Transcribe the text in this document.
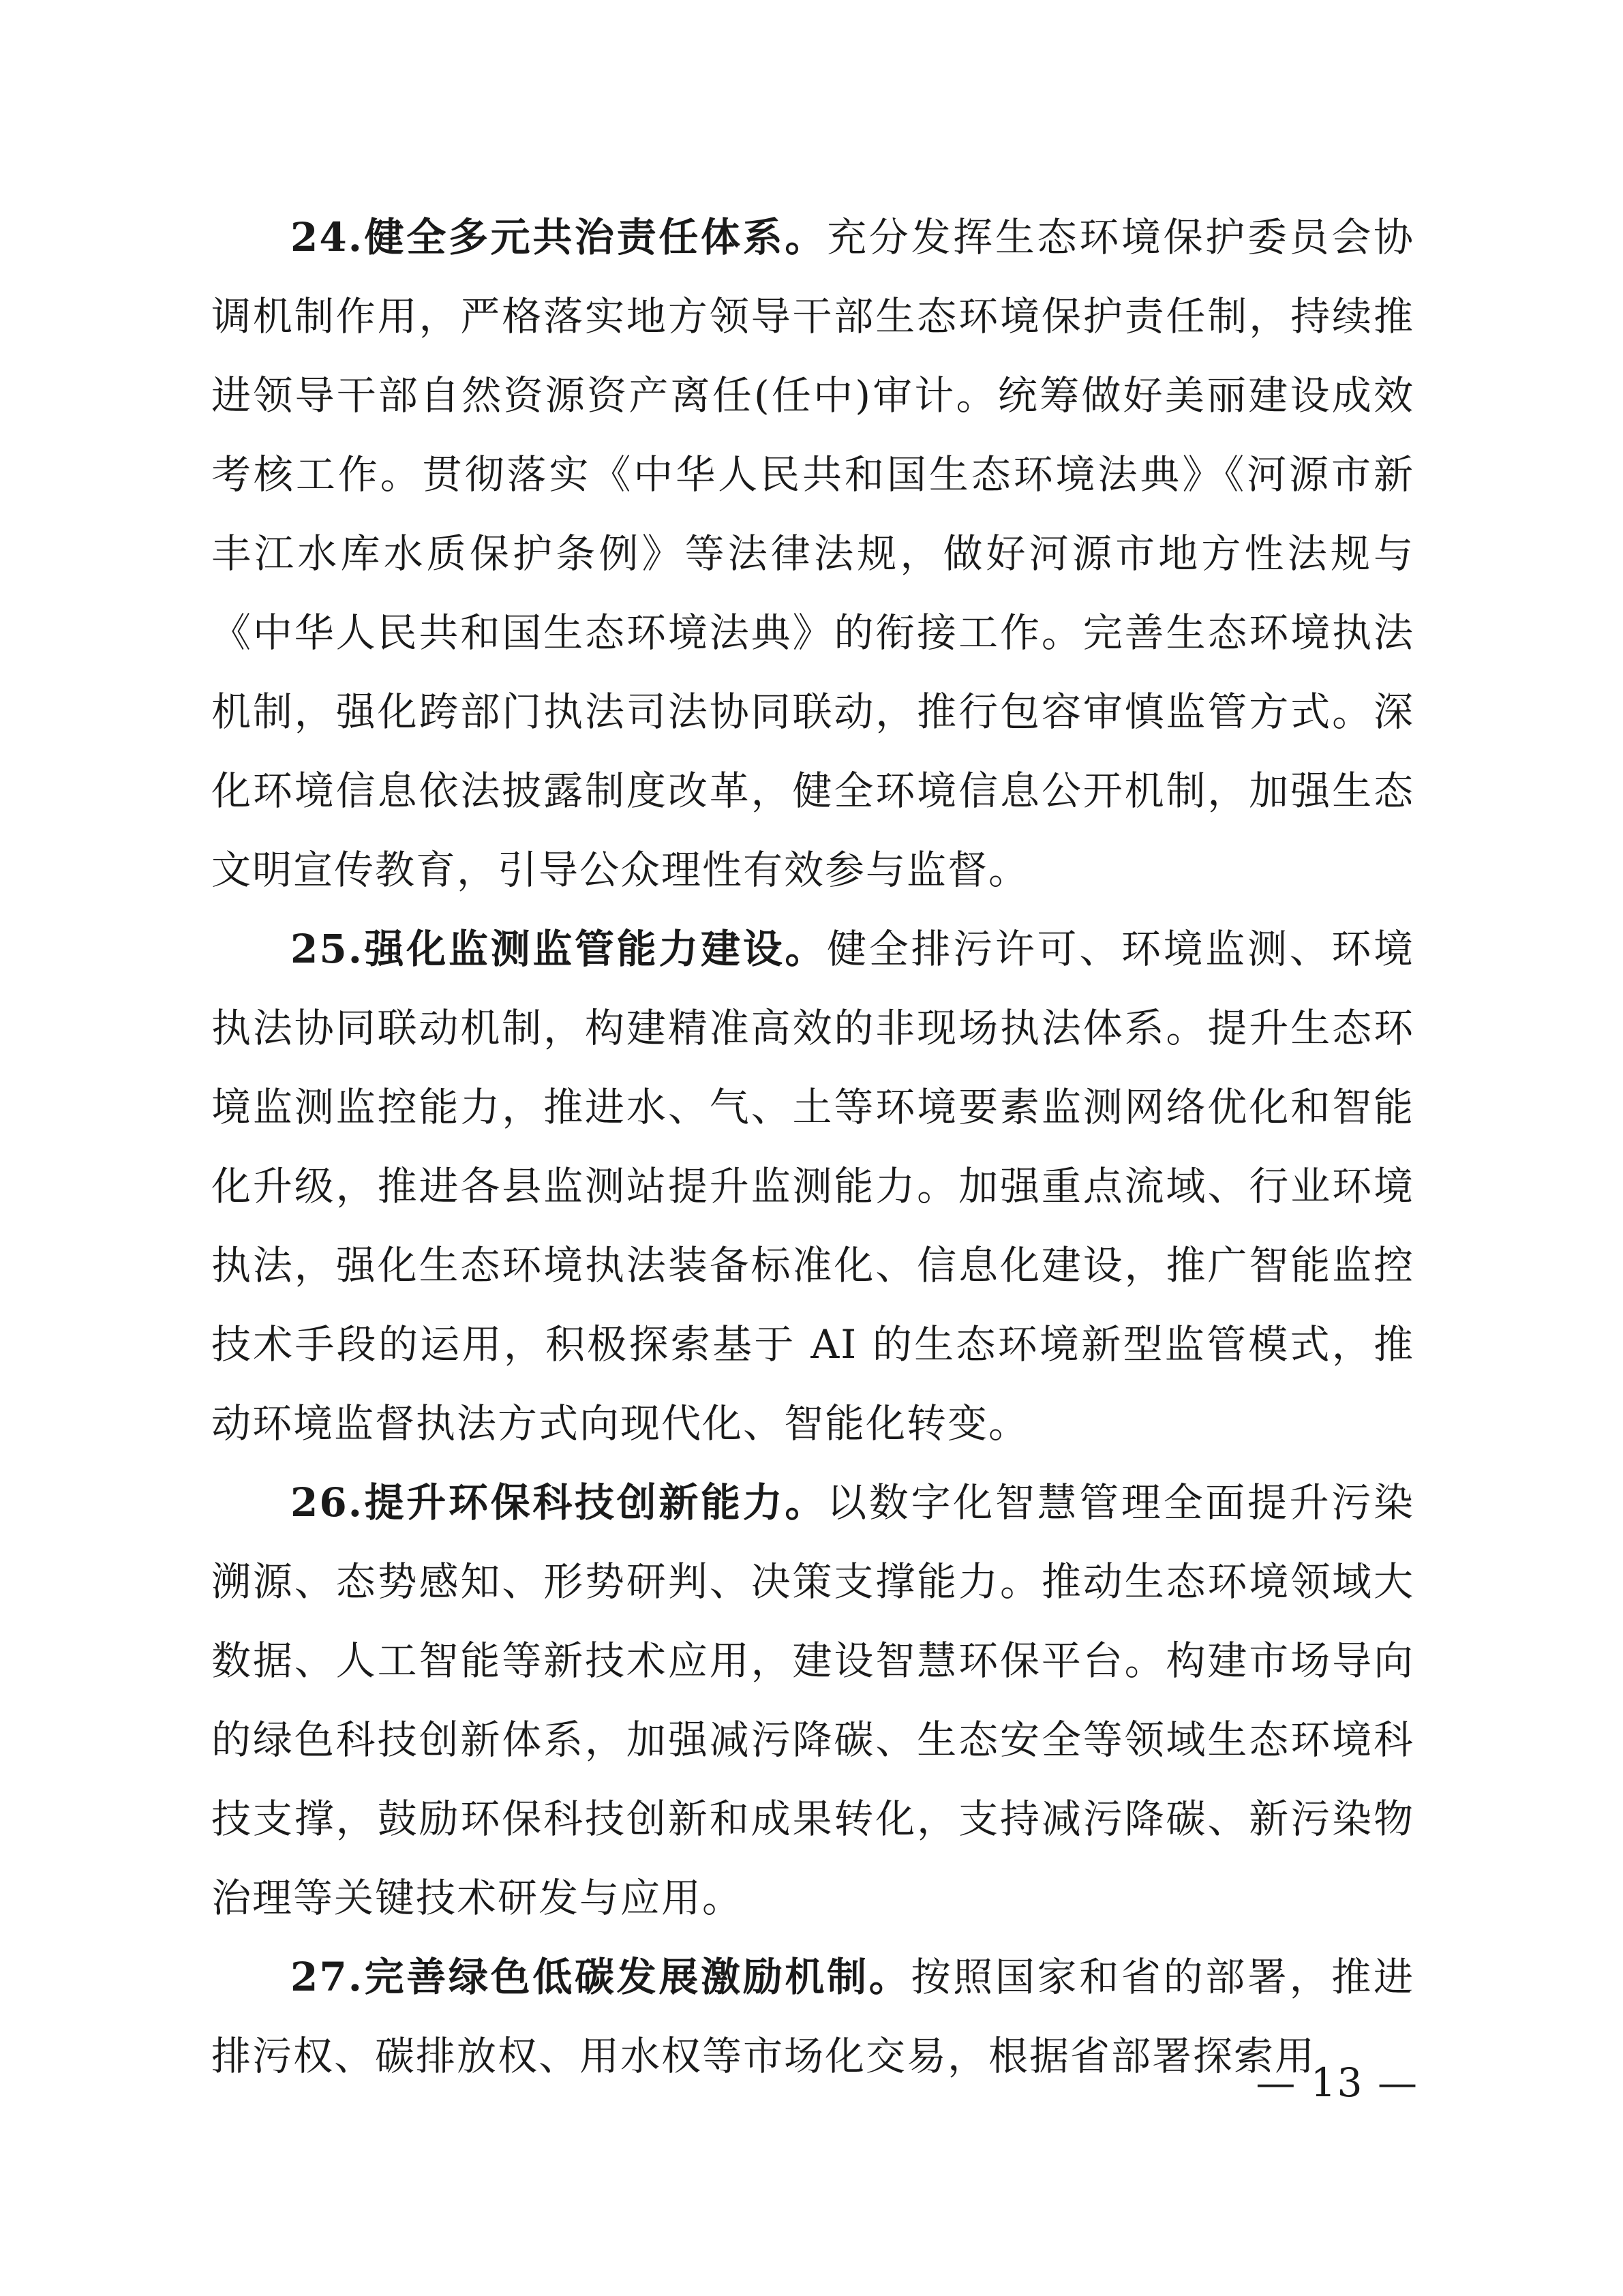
24.健全多元共治责任体系。充分发挥生态环境保护委员会协调机制作用，严格落实地方领导干部生态环境保护责任制，持续推进领导干部自然资源资产离任(任中)审计。统筹做好美丽建设成效考核工作。贯彻落实《中华人民共和国生态环境法典》《河源市新丰江水库水质保护条例》等法律法规，做好河源市地方性法规与《中华人民共和国生态环境法典》的衔接工作。完善生态环境执法机制，强化跨部门执法司法协同联动，推行包容审慎监管方式。深化环境信息依法披露制度改革，健全环境信息公开机制，加强生态文明宣传教育，引导公众理性有效参与监督。

25.强化监测监管能力建设。健全排污许可、环境监测、环境执法协同联动机制，构建精准高效的非现场执法体系。提升生态环境监测监控能力，推进水、气、土等环境要素监测网络优化和智能化升级，推进各县监测站提升监测能力。加强重点流域、行业环境执法，强化生态环境执法装备标准化、信息化建设，推广智能监控技术手段的运用，积极探索基于 AI 的生态环境新型监管模式，推动环境监督执法方式向现代化、智能化转变。

26.提升环保科技创新能力。以数字化智慧管理全面提升污染溯源、态势感知、形势研判、决策支撑能力。推动生态环境领域大数据、人工智能等新技术应用，建设智慧环保平台。构建市场导向的绿色科技创新体系，加强减污降碳、生态安全等领域生态环境科技支撑，鼓励环保科技创新和成果转化，支持减污降碳、新污染物治理等关键技术研发与应用。

27.完善绿色低碳发展激励机制。按照国家和省的部署，推进排污权、碳排放权、用水权等市场化交易，根据省部署探索用

— 13 —
